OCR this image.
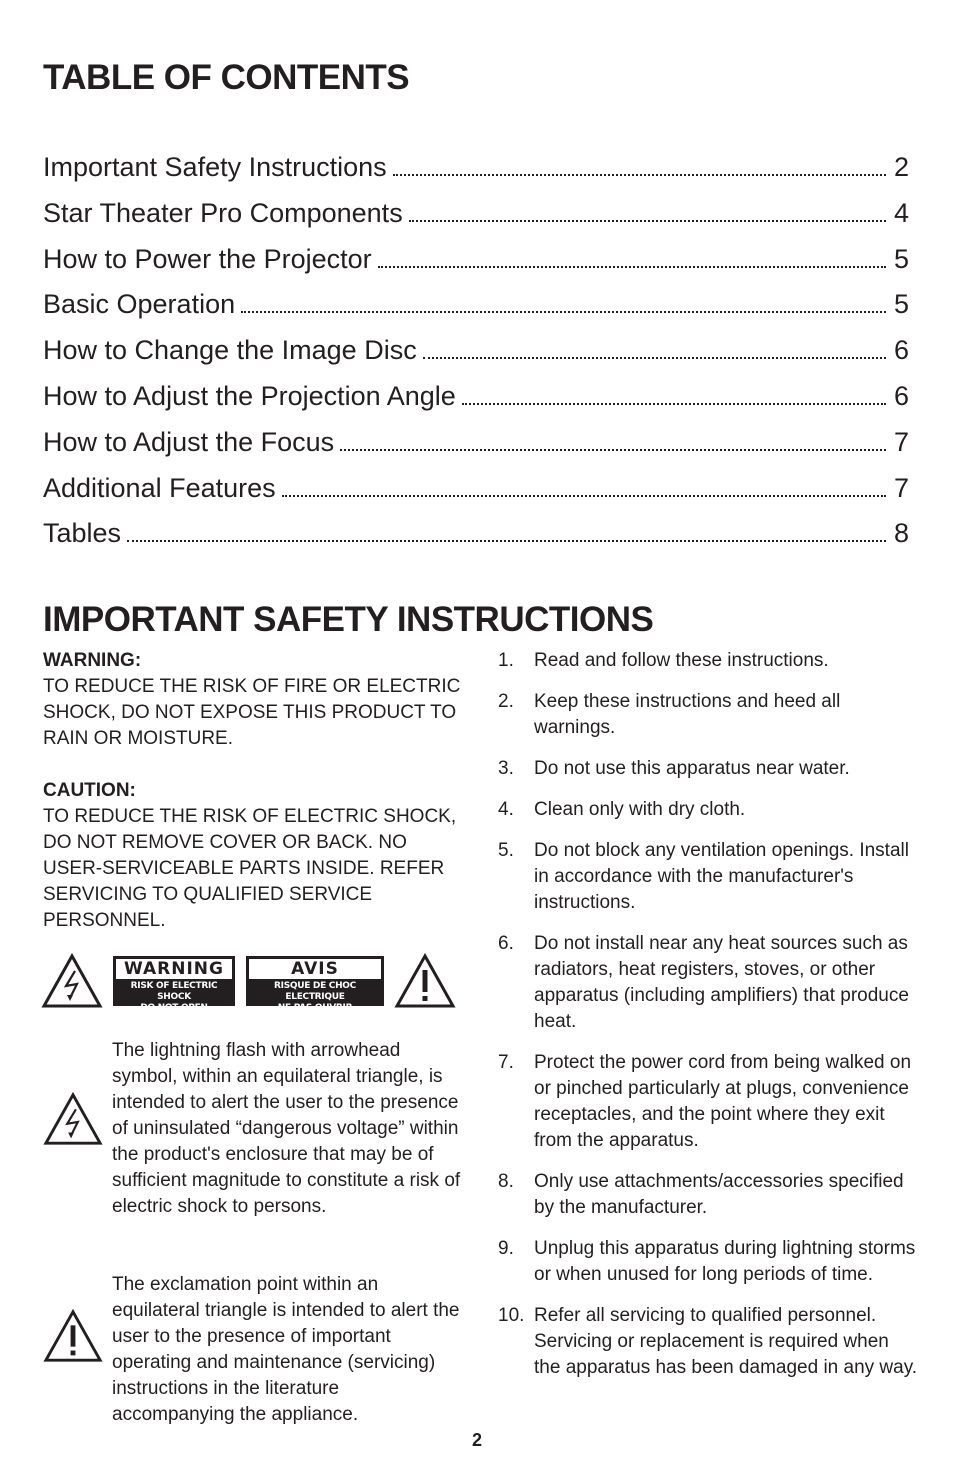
TABLE OF CONTENTS
Important Safety Instructions	2
Star Theater Pro Components	4
How to Power the Projector	5
Basic Operation	5
How to Change the Image Disc	6
How to Adjust the Projection Angle	6
How to Adjust the Focus	7
Additional Features	7
Tables	8
IMPORTANT SAFETY INSTRUCTIONS

WARNING:

TO REDUCE THE RISK OF FIRE OR ELECTRIC SHOCK, DO NOT EXPOSE THIS PRODUCT TO RAIN OR MOISTURE.

CAUTION:

TO REDUCE THE RISK OF ELECTRIC SHOCK, DO NOT REMOVE COVER OR BACK. NO USER-SERVICEABLE PARTS INSIDE. REFER SERVICING TO QUALIFIED SERVICE PERSONNEL.

WARNING
RISK OF ELECTRIC SHOCK
DO NOT OPEN
AVIS
RISQUE DE CHOC ELECTRIQUE
NE PAS OUVRIR

The lightning flash with arrowhead symbol, within an equilateral triangle, is intended to alert the user to the presence of uninsulated “dangerous voltage” within the product's enclosure that may be of sufficient magnitude to constitute a risk of electric shock to persons.

The exclamation point within an equilateral triangle is intended to alert the user to the presence of important operating and maintenance (servicing) instructions in the literature accompanying the appliance.

1.	Read and follow these instructions.
2.	Keep these instructions and heed all warnings.
3.	Do not use this apparatus near water.
4.	Clean only with dry cloth.
5.	Do not block any ventilation openings. Install in accordance with the manufacturer's instructions.
6.	Do not install near any heat sources such as radiators, heat registers, stoves, or other apparatus (including amplifiers) that produce heat.
7.	Protect the power cord from being walked on or pinched particularly at plugs, convenience receptacles, and the point where they exit from the apparatus.
8.	Only use attachments/accessories specified by the manufacturer.
9.	Unplug this apparatus during lightning storms or when unused for long periods of time.
10. Refer all servicing to qualified personnel. Servicing or replacement is required when the apparatus has been damaged in any way.
2
